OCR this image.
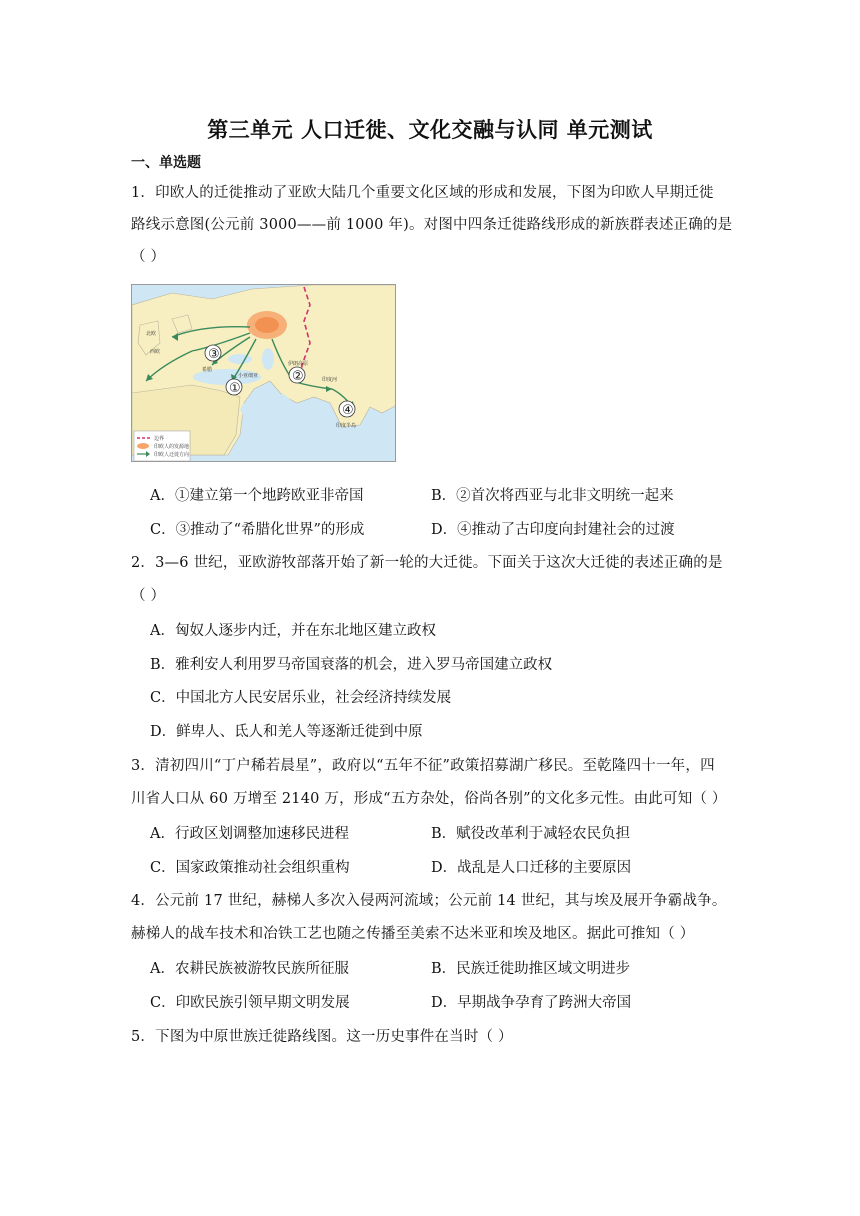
第三单元 人口迁徙、文化交融与认同 单元测试
一、单选题
1．印欧人的迁徙推动了亚欧大陆几个重要文化区域的形成和发展，下图为印欧人早期迁徙
路线示意图(公元前 3000——前 1000 年)。对图中四条迁徙路线形成的新族群表述正确的是
（ ）
①
②
③
④
北欧
西欧
希腊
小亚细亚
伊朗高原
印度河
印度半岛
边界
印欧人的发源地
印欧人迁徙方向
A．①建立第一个地跨欧亚非帝国	B．②首次将西亚与北非文明统一起来
C．③推动了“希腊化世界”的形成	D．④推动了古印度向封建社会的过渡
2．3—6 世纪，亚欧游牧部落开始了新一轮的大迁徙。下面关于这次大迁徙的表述正确的是
（ ）
A．匈奴人逐步内迁，并在东北地区建立政权
B．雅利安人利用罗马帝国衰落的机会，进入罗马帝国建立政权
C．中国北方人民安居乐业，社会经济持续发展
D．鲜卑人、氐人和羌人等逐渐迁徙到中原
3．清初四川“丁户稀若晨星”，政府以“五年不征”政策招募湖广移民。至乾隆四十一年，四
川省人口从 60 万增至 2140 万，形成“五方杂处，俗尚各别”的文化多元性。由此可知（ ）
A．行政区划调整加速移民进程	B．赋役改革利于减轻农民负担
C．国家政策推动社会组织重构	D．战乱是人口迁移的主要原因
4．公元前 17 世纪，赫梯人多次入侵两河流域；公元前 14 世纪，其与埃及展开争霸战争。
赫梯人的战车技术和冶铁工艺也随之传播至美索不达米亚和埃及地区。据此可推知（ ）
A．农耕民族被游牧民族所征服	B．民族迁徙助推区域文明进步
C．印欧民族引领早期文明发展	D．早期战争孕育了跨洲大帝国
5．下图为中原世族迁徙路线图。这一历史事件在当时（ ）
